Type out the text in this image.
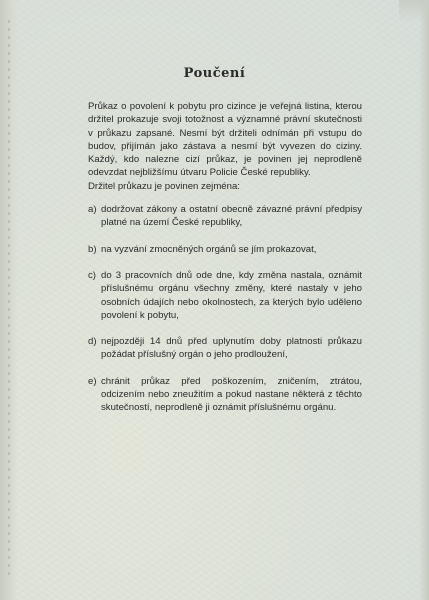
Poučení

Průkaz o povolení k pobytu pro cizince je veřejná listina, kterou držitel prokazuje svoji totožnost a významné právní skutečnosti v průkazu zapsané. Nesmí být držiteli odnímán při vstupu do budov, přijímán jako zástava a nesmí být vyvezen do ciziny. Každý, kdo nalezne cizí průkaz, je povinen jej neprodleně odevzdat nejbližšímu útvaru Policie České republiky.

Držitel průkazu je povinen zejména:

a) dodržovat zákony a ostatní obecně závazné právní předpisy platné na území České republiky,
b) na vyzvání zmocněných orgánů se jím prokazovat,
c) do 3 pracovních dnů ode dne, kdy změna nastala, oznámit příslušnému orgánu všechny změny, které nastaly v jeho osobních údajích nebo okolnostech, za kterých bylo uděleno povolení k pobytu,
d) nejpozději 14 dnů před uplynutím doby platnosti průkazu požádat příslušný orgán o jeho prodloužení,
e) chránit průkaz před poškozením, zničením, ztrátou, odcizením nebo zneužitím a pokud nastane některá z těchto skutečností, neprodleně ji oznámit příslušnému orgánu.
